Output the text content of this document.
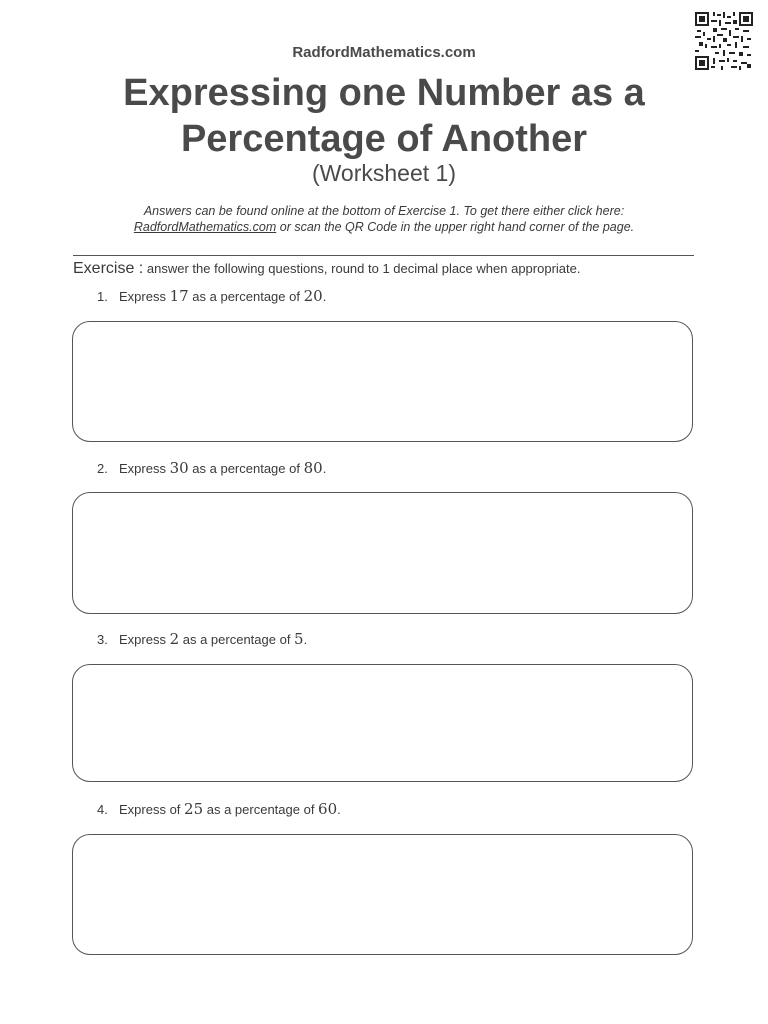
RadfordMathematics.com
Expressing one Number as a
Percentage of Another
(Worksheet 1)
Answers can be found online at the bottom of Exercise 1. To get there either click here:
RadfordMathematics.com or scan the QR Code in the upper right hand corner of the page.
Exercise : answer the following questions, round to 1 decimal place when appropriate.
1. Express 17 as a percentage of 20.
2. Express 30 as a percentage of 80.
3. Express 2 as a percentage of 5.
4. Express of 25 as a percentage of 60.
